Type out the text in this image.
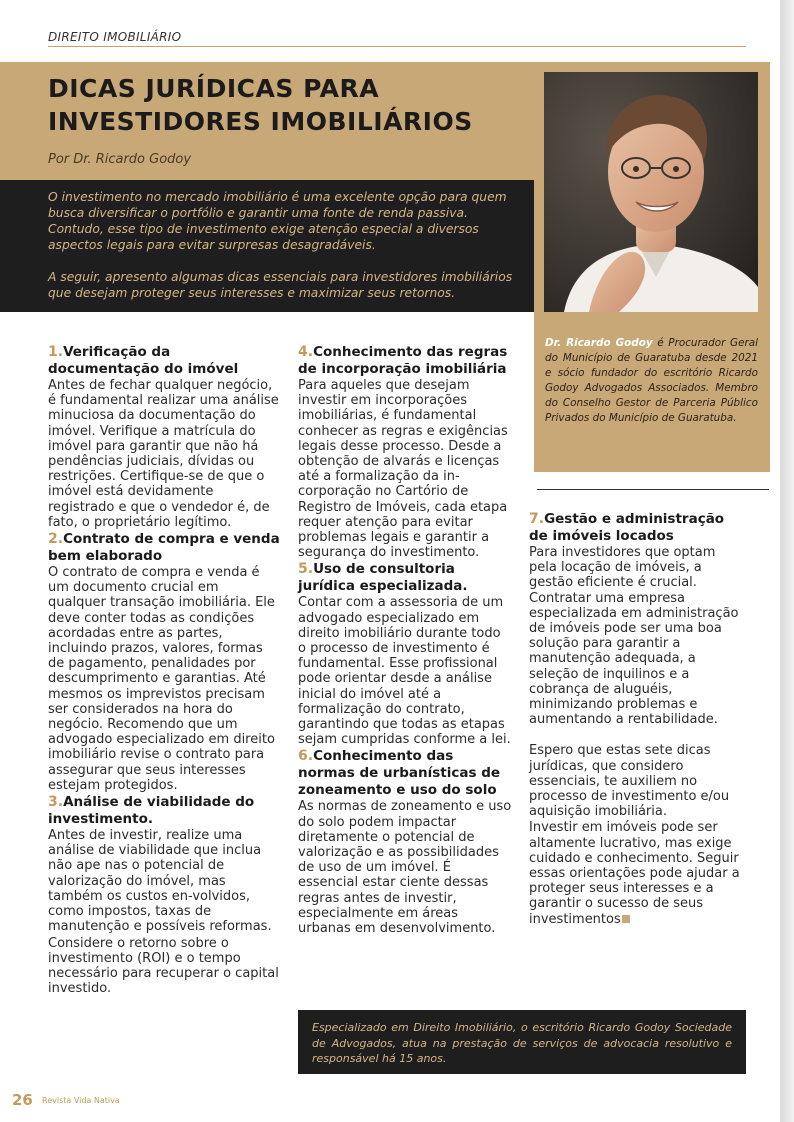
DIREITO IMOBILIÁRIO
DICAS JURÍDICAS PARA
INVESTIDORES IMOBILIÁRIOS
Por Dr. Ricardo Godoy

O investimento no mercado imobiliário é uma excelente opção para quem busca diversificar o portfólio e garantir uma fonte de renda passiva. Contudo, esse tipo de investimento exige atenção especial a diversos aspectos legais para evitar surpresas desagradáveis.

A seguir, apresento algumas dicas essenciais para investidores imobiliários que desejam proteger seus interesses e maximizar seus retornos.

Dr. Ricardo Godoy é Procurador Geral do Município de Guaratuba desde 2021 e sócio fundador do escritório Ricardo Godoy Advogados Associados. Membro do Conselho Gestor de Parceria Público Privados do Município de Guaratuba.
1.Verificação da documentação do imóvel

Antes de fechar qualquer negócio, é fundamental realizar uma análise minuciosa da documentação do imóvel. Verifique a matrícula do imóvel para garantir que não há pendências judiciais, dívidas ou restrições. Certifique-se de que o imóvel está devidamente registrado e que o vendedor é, de fato, o proprietário legítimo.

2.Contrato de compra e venda bem elaborado

O contrato de compra e venda é um documento crucial em qualquer transação imobiliária. Ele deve conter todas as condições acordadas entre as partes, incluindo prazos, valores, formas de pagamento, penalidades por descumprimento e garantias. Até mesmos os imprevistos precisam ser considerados na hora do negócio. Recomendo que um advogado especializado em direito imobiliário revise o contrato para assegurar que seus interesses estejam protegidos.

3.Análise de viabilidade do investimento.

Antes de investir, realize uma análise de viabilidade que inclua não ape nas o potencial de valorização do imóvel, mas também os custos en-volvidos, como impostos, taxas de manutenção e possíveis reformas.

Considere o retorno sobre o investimento (ROI) e o tempo necessário para recuperar o capital investido.

4.Conhecimento das regras de incorporação imobiliária

Para aqueles que desejam investir em incorporações imobiliárias, é fundamental conhecer as regras e exigências legais desse processo. Desde a obtenção de alvarás e licenças até a formalização da in-corporação no Cartório de Registro de Imóveis, cada etapa requer atenção para evitar problemas legais e garantir a segurança do investimento.

5.Uso de consultoria jurídica especializada.

Contar com a assessoria de um advogado especializado em direito imobiliário durante todo o processo de investimento é fundamental. Esse profissional pode orientar desde a análise inicial do imóvel até a formalização do contrato, garantindo que todas as etapas sejam cumpridas conforme a lei.

6.Conhecimento das normas de urbanísticas de zoneamento e uso do solo

As normas de zoneamento e uso do solo podem impactar diretamente o potencial de valorização e as possibilidades de uso de um imóvel. É essencial estar ciente dessas regras antes de investir, especialmente em áreas urbanas em desenvolvimento.

7.Gestão e administração de imóveis locados

Para investidores que optam pela locação de imóveis, a gestão eficiente é crucial. Contratar uma empresa especializada em administração de imóveis pode ser uma boa solução para garantir a manutenção adequada, a seleção de inquilinos e a cobrança de aluguéis, minimizando problemas e aumentando a rentabilidade.

Espero que estas sete dicas jurídicas, que considero essenciais, te auxiliem no processo de investimento e/ou aquisição imobiliária.

Investir em imóveis pode ser altamente lucrativo, mas exige cuidado e conhecimento. Seguir essas orientações pode ajudar a proteger seus interesses e a garantir o sucesso de seus investimentos

Especializado em Direito Imobiliário, o escritório Ricardo Godoy Sociedade de Advogados, atua na prestação de serviços de advocacia resolutivo e responsável há 15 anos.
26 Revista Vida Nativa
